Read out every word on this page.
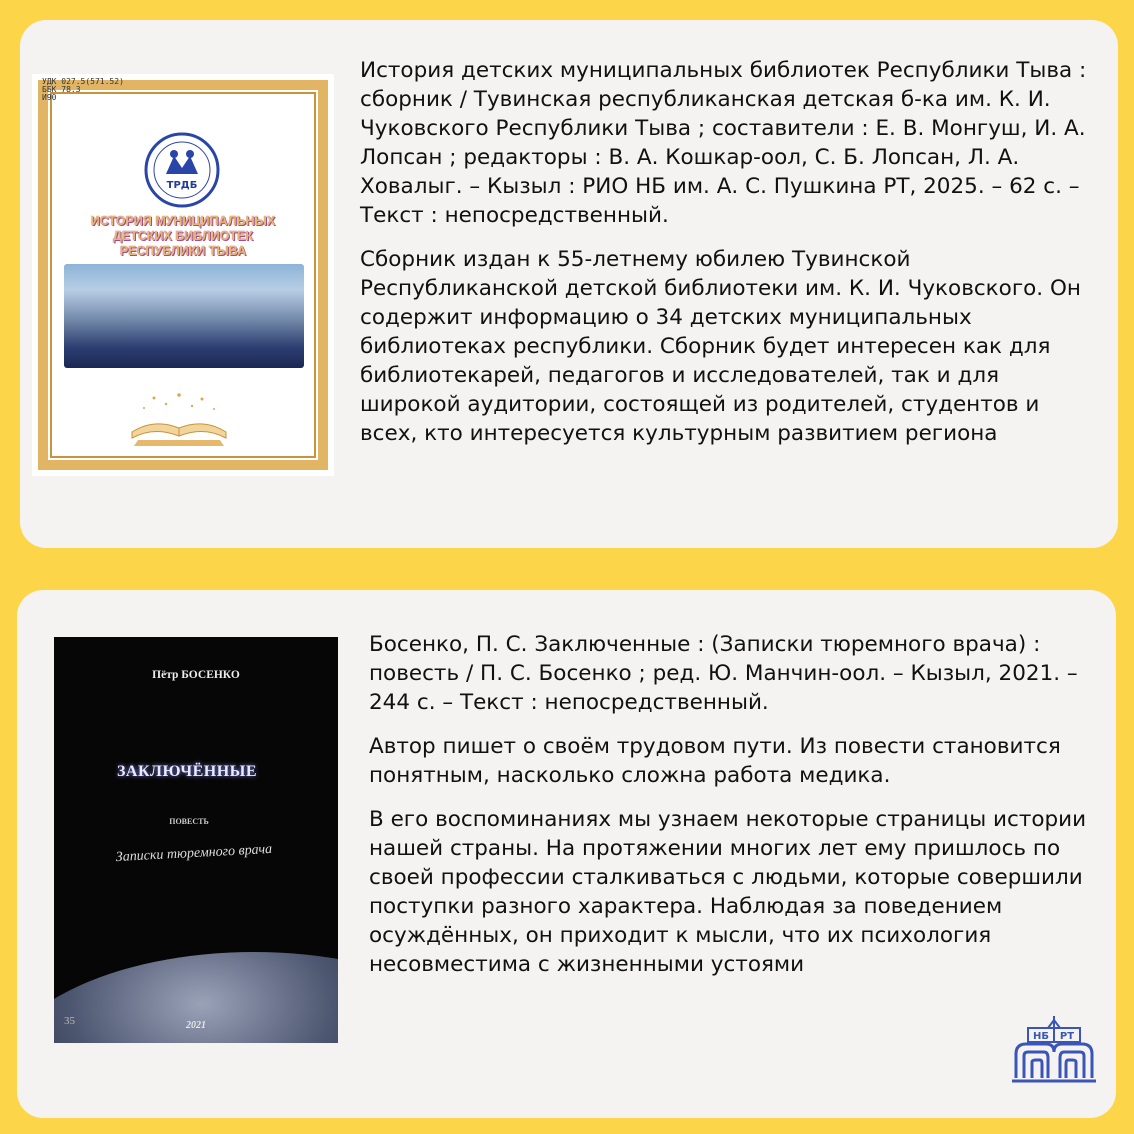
УДК 027.5(571.52)
ББК 78.3
И90
ТРДБ
ИСТОРИЯ МУНИЦИПАЛЬНЫХ ДЕТСКИХ БИБЛИОТЕК РЕСПУБЛИКИ ТЫВА

История детских муниципальных библиотек Республики Тыва : сборник / Тувинская республиканская детская б-ка им. К. И. Чуковского Республики Тыва ; составители : Е. В. Монгуш, И. А. Лопсан ; редакторы : В. А. Кошкар-оол, С. Б. Лопсан, Л. А. Ховалыг. – Кызыл : РИО НБ им. А. С. Пушкина РТ, 2025. – 62 с. – Текст : непосредственный.

Сборник издан к 55-летнему юбилею Тувинской Республиканской детской библиотеки им. К. И. Чуковского. Он содержит информацию о 34 детских муниципальных библиотеках республики. Сборник будет интересен как для библиотекарей, педагогов и исследователей, так и для широкой аудитории, состоящей из родителей, студентов и всех, кто интересуется культурным развитием региона

Пётр БОСЕНКО
ЗАКЛЮЧЁННЫЕ
ПОВЕСТЬ
Записки тюремного врача
35	2021

Босенко, П. С. Заключенные : (Записки тюремного врача) : повесть / П. С. Босенко ; ред. Ю. Манчин-оол. – Кызыл, 2021. – 244 с. – Текст : непосредственный.

Автор пишет о своём трудовом пути. Из повести становится понятным, насколько сложна работа медика.

В его воспоминаниях мы узнаем некоторые страницы истории нашей страны. На протяжении многих лет ему пришлось по своей профессии сталкиваться с людьми, которые совершили поступки разного характера. Наблюдая за поведением осуждённых, он приходит к мысли, что их психология несовместима с жизненными устоями

НБ РТ
